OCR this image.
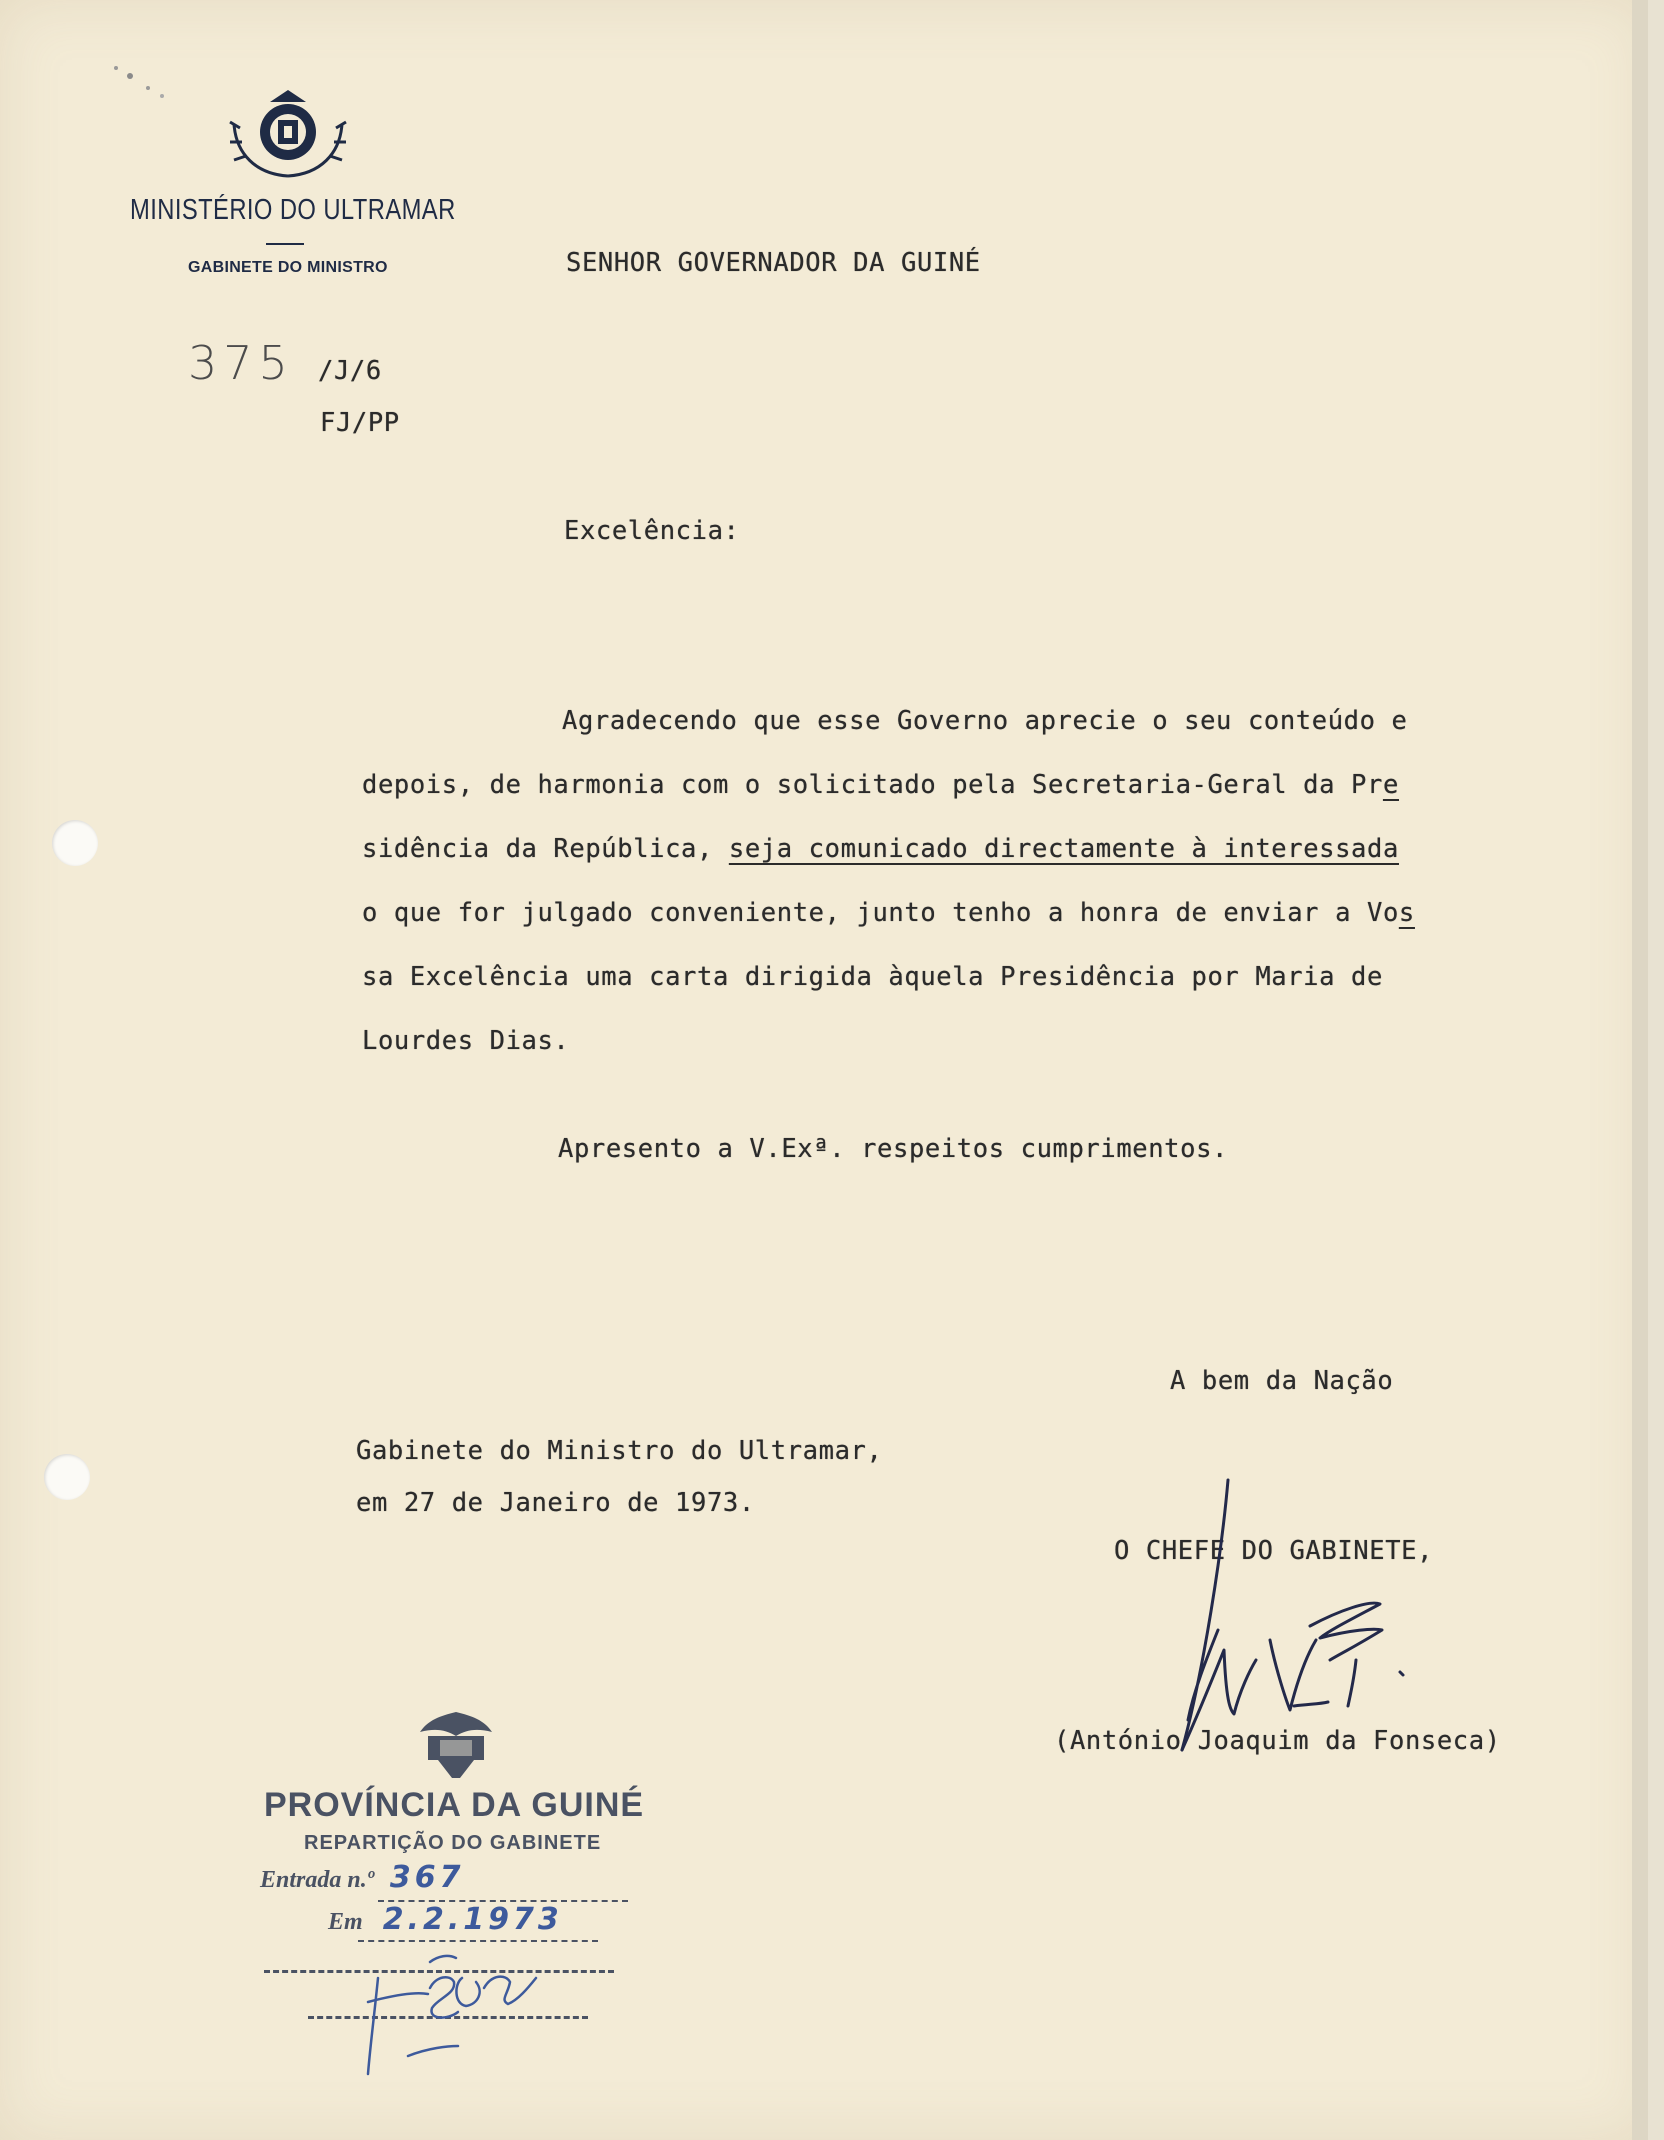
MINISTÉRIO DO ULTRAMAR
GABINETE DO MINISTRO
375 /J/6
FJ/PP
SENHOR GOVERNADOR DA GUINÉ
Excelência:
Agradecendo que esse Governo aprecie o seu conteúdo e
depois, de harmonia com o solicitado pela Secretaria-Geral da Pre
sidência da República, seja comunicado directamente à interessada
o que for julgado conveniente, junto tenho a honra de enviar a Vos
sa Excelência uma carta dirigida àquela Presidência por Maria de
Lourdes Dias.
Apresento a V.Exª. respeitos cumprimentos.
A bem da Nação
Gabinete do Ministro do Ultramar,
em 27 de Janeiro de 1973.
O CHEFE DO GABINETE,
(António Joaquim da Fonseca)
PROVÍNCIA DA GUINÉ
REPARTIÇÃO DO GABINETE
Entrada n.º 367
Em 2.2.1973
